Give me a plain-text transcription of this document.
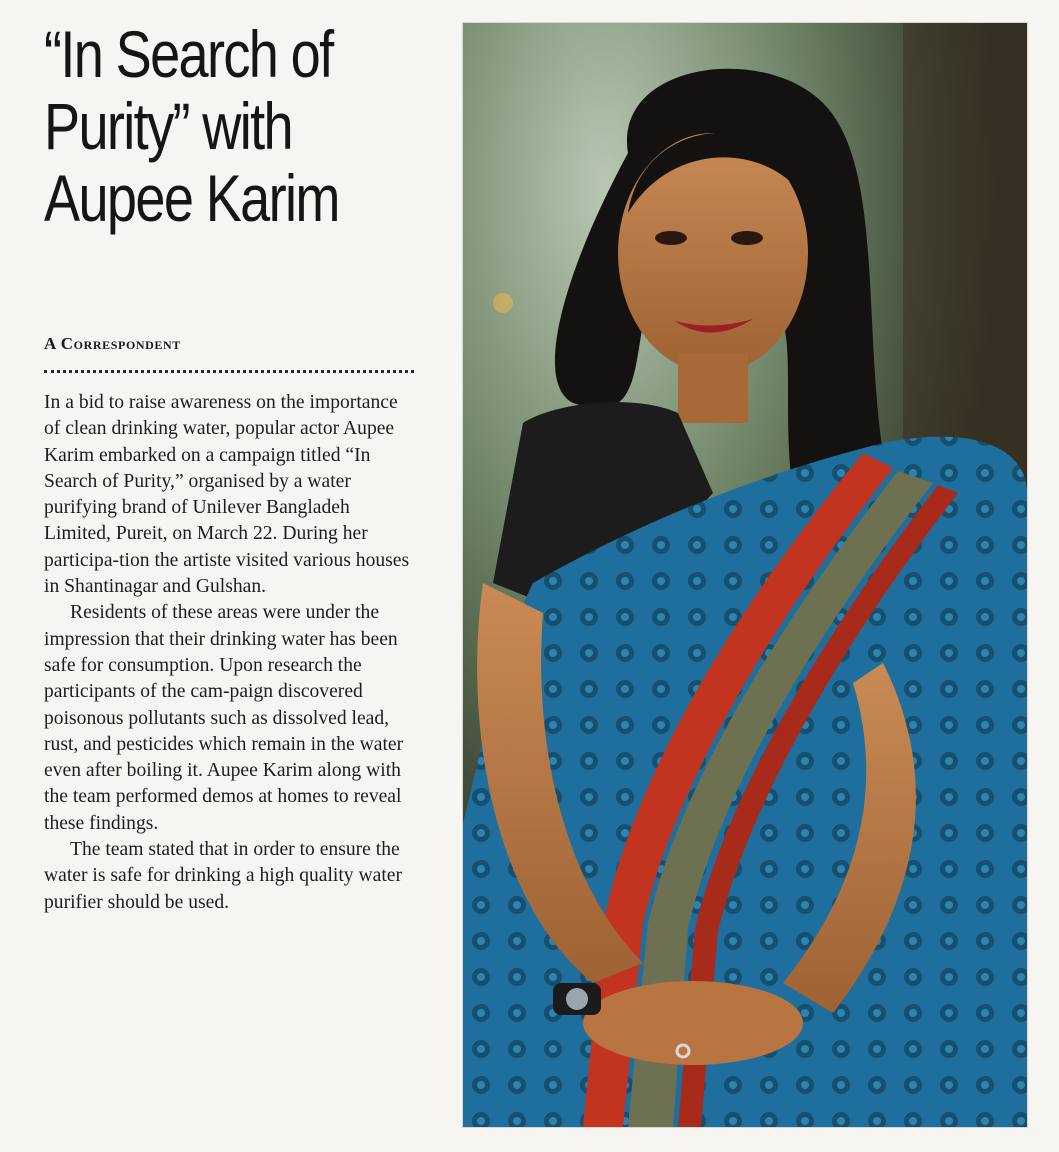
“In Search of
Purity” with
Aupee Karim
A Correspondent

In a bid to raise awareness on the importance of clean drinking water, popular actor Aupee Karim embarked on a campaign titled “In Search of Purity,” organised by a water purifying brand of Unilever Bangladeh Limited, Pureit, on March 22. During her participa-tion the artiste visited various houses in Shantinagar and Gulshan.

Residents of these areas were under the impression that their drinking water has been safe for consumption. Upon research the participants of the cam-paign discovered poisonous pollutants such as dissolved lead, rust, and pesticides which remain in the water even after boiling it. Aupee Karim along with the team performed demos at homes to reveal these findings.

The team stated that in order to ensure the water is safe for drinking a high quality water purifier should be used.
